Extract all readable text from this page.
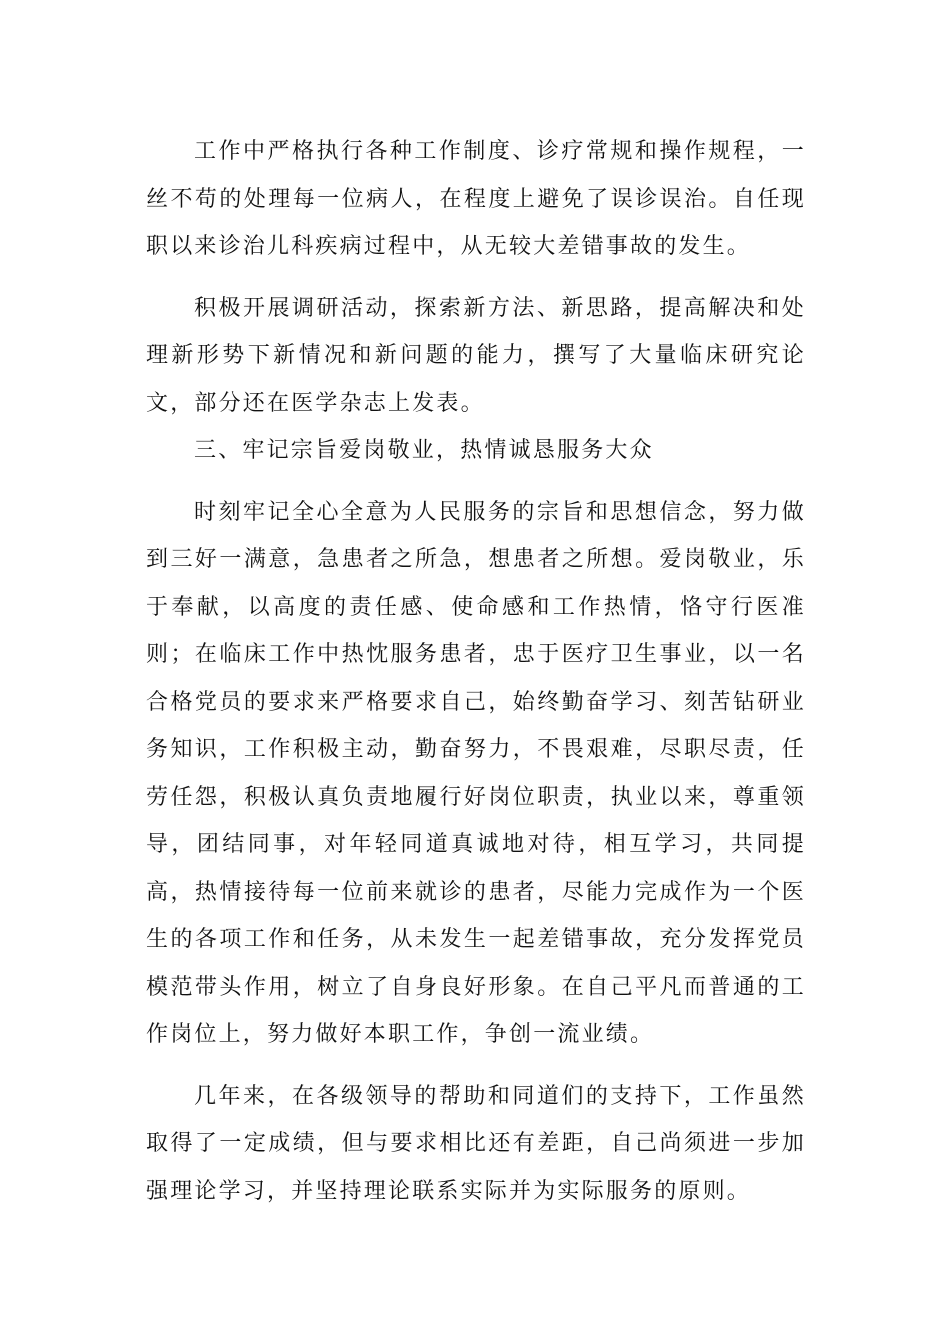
工作中严格执行各种工作制度、诊疗常规和操作规程，一丝不苟的处理每一位病人，在程度上避免了误诊误治。自任现职以来诊治儿科疾病过程中，从无较大差错事故的发生。

积极开展调研活动，探索新方法、新思路，提高解决和处理新形势下新情况和新问题的能力，撰写了大量临床研究论文，部分还在医学杂志上发表。

三、牢记宗旨爱岗敬业，热情诚恳服务大众

时刻牢记全心全意为人民服务的宗旨和思想信念，努力做到三好一满意，急患者之所急，想患者之所想。爱岗敬业，乐于奉献，以高度的责任感、使命感和工作热情，恪守行医准则；在临床工作中热忱服务患者，忠于医疗卫生事业，以一名合格党员的要求来严格要求自己，始终勤奋学习、刻苦钻研业务知识，工作积极主动，勤奋努力，不畏艰难，尽职尽责，任劳任怨，积极认真负责地履行好岗位职责，执业以来，尊重领导，团结同事，对年轻同道真诚地对待，相互学习，共同提高，热情接待每一位前来就诊的患者，尽能力完成作为一个医生的各项工作和任务，从未发生一起差错事故，充分发挥党员模范带头作用，树立了自身良好形象。在自己平凡而普通的工作岗位上，努力做好本职工作，争创一流业绩。

几年来，在各级领导的帮助和同道们的支持下，工作虽然取得了一定成绩，但与要求相比还有差距，自己尚须进一步加强理论学习，并坚持理论联系实际并为实际服务的原则。
